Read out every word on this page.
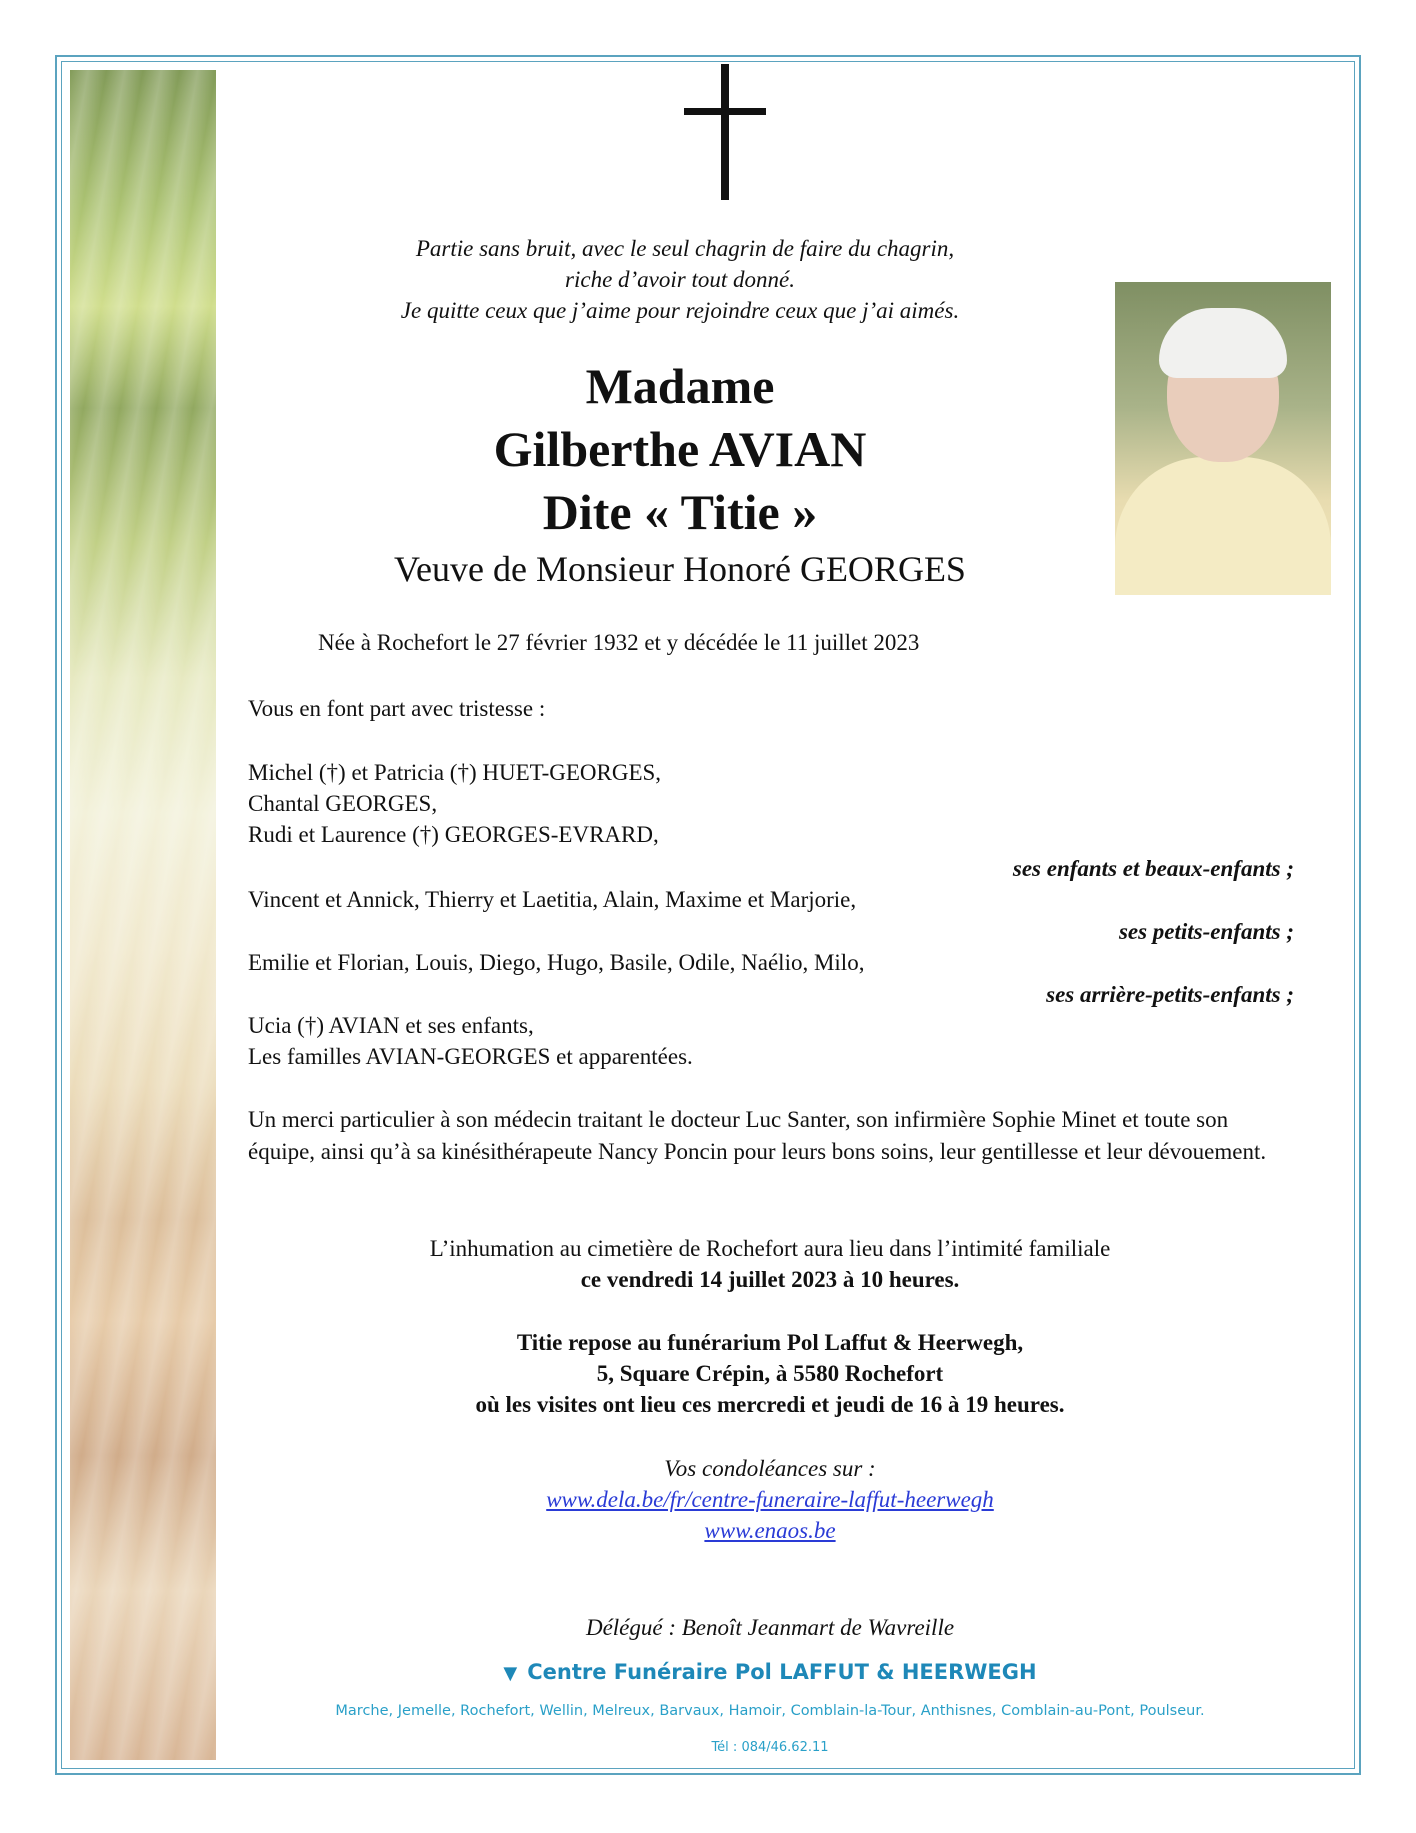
Partie sans bruit, avec le seul chagrin de faire du chagrin,
riche d’avoir tout donné.
Je quitte ceux que j’aime pour rejoindre ceux que j’ai aimés.

Madame

Gilberthe AVIAN

Dite « Titie »

Veuve de Monsieur Honoré GEORGES

Née à Rochefort le 27 février 1932 et y décédée le 11 juillet 2023

Vous en font part avec tristesse :

Michel (†) et Patricia (†) HUET-GEORGES,

Chantal GEORGES,

Rudi et Laurence (†) GEORGES-EVRARD,

ses enfants et beaux-enfants ;

Vincent et Annick, Thierry et Laetitia, Alain, Maxime et Marjorie,

ses petits-enfants ;

Emilie et Florian, Louis, Diego, Hugo, Basile, Odile, Naélio, Milo,

ses arrière-petits-enfants ;

Ucia (†) AVIAN et ses enfants,

Les familles AVIAN-GEORGES et apparentées.

Un merci particulier à son médecin traitant le docteur Luc Santer, son infirmière Sophie Minet et toute son équipe, ainsi qu’à sa kinésithérapeute Nancy Poncin pour leurs bons soins, leur gentillesse et leur dévouement.

L’inhumation au cimetière de Rochefort aura lieu dans l’intimité familiale
ce vendredi 14 juillet 2023 à 10 heures.
Titie repose au funérarium Pol Laffut & Heerwegh,
5, Square Crépin, à 5580 Rochefort
où les visites ont lieu ces mercredi et jeudi de 16 à 19 heures.
Vos condoléances sur :
www.dela.be/fr/centre-funeraire-laffut-heerwegh
www.enaos.be
Délégué : Benoît Jeanmart de Wavreille
▼ Centre Funéraire Pol LAFFUT & HEERWEGH
Marche, Jemelle, Rochefort, Wellin, Melreux, Barvaux, Hamoir, Comblain-la-Tour, Anthisnes, Comblain-au-Pont, Poulseur.
Tél : 084/46.62.11
